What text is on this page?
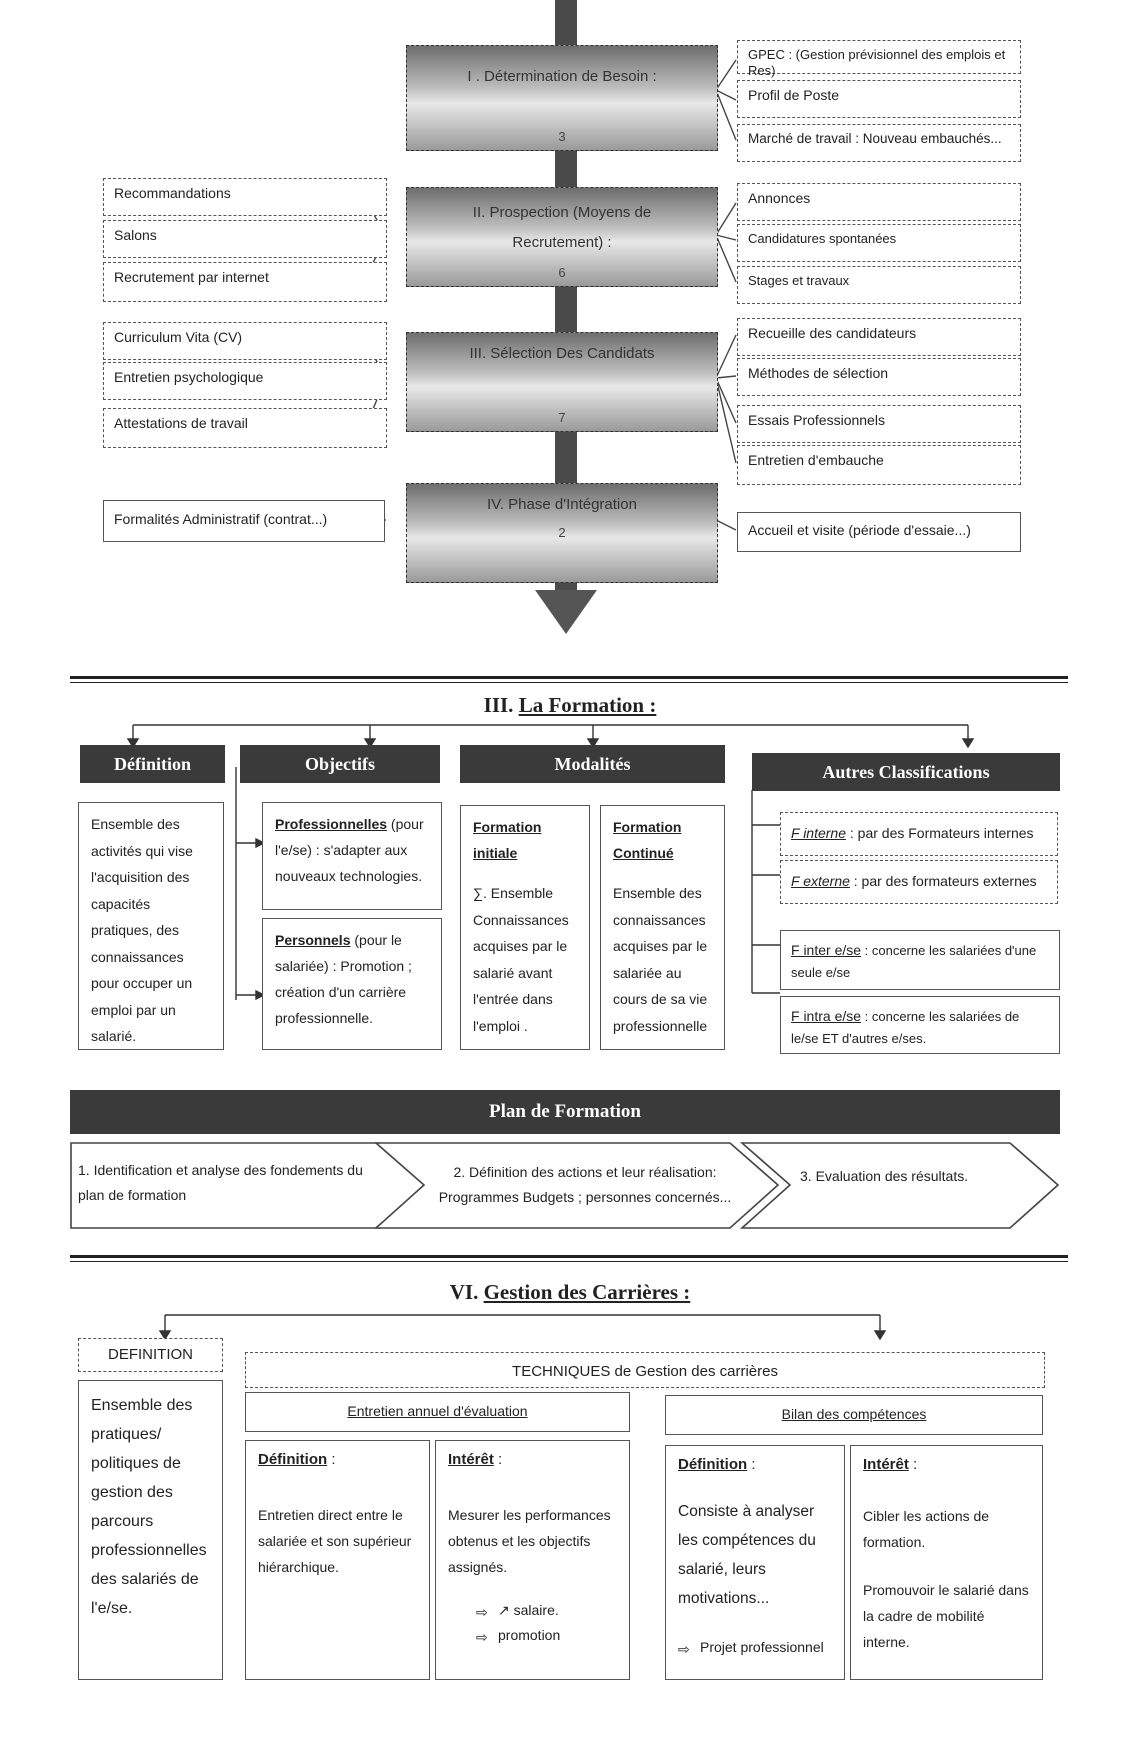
I . Détermination de Besoin :
3
II. Prospection (Moyens de Recrutement) :
6
III. Sélection Des Candidats
7
IV. Phase d'Intégration
2
GPEC : (Gestion prévisionnel des emplois et Res)
Profil de Poste
Marché de travail : Nouveau embauchés...
Recommandations
Salons
Recrutement par internet
Annonces
Candidatures spontanées
Stages et travaux
Curriculum Vita (CV)
Entretien psychologique
Attestations de travail
Recueille des candidateurs
Méthodes de sélection
Essais Professionnels
Entretien d'embauche
Formalités Administratif (contrat...)
Accueil et visite (période d'essaie...)
III. La Formation :
Définition	Objectifs	Modalités	Autres Classifications
Ensemble des activités qui vise l'acquisition des capacités pratiques, des connaissances pour occuper un emploi par un salarié.
Professionnelles (pour l'e/se) : s'adapter aux nouveaux technologies.
Personnels (pour le salariée) : Promotion ; création d'un carrière professionnelle.
Formation initiale
∑. Ensemble Connaissances acquises par le salarié avant l'entrée dans l'emploi .
Formation Continué
Ensemble des connaissances acquises par le salariée au cours de sa vie professionnelle
F interne : par des Formateurs internes
F externe : par des formateurs externes
F inter e/se : concerne les salariées d'une seule e/se
F intra e/se : concerne les salariées de le/se ET d'autres e/ses.
Plan de Formation
1. Identification et analyse des fondements du plan de formation
2. Définition des actions et leur réalisation: Programmes Budgets ; personnes concernés...
3. Evaluation des résultats.
VI. Gestion des Carrières :
DEFINITION
TECHNIQUES de Gestion des carrières
Ensemble des pratiques/ politiques de gestion des parcours professionnelles des salariés de l'e/se.
Entretien annuel d'évaluation	Bilan des compétences
Définition :
Entretien direct entre le salariée et son supérieur hiérarchique.
Intérêt :
Mesurer les performances obtenus et les objectifs assignés.
⇨ ↗ salaire.
⇨ promotion
Définition :
Consiste à analyser les compétences du salarié, leurs motivations...
⇨ Projet professionnel
Intérêt :
Cibler les actions de formation.
Promouvoir le salarié dans la cadre de mobilité interne.
